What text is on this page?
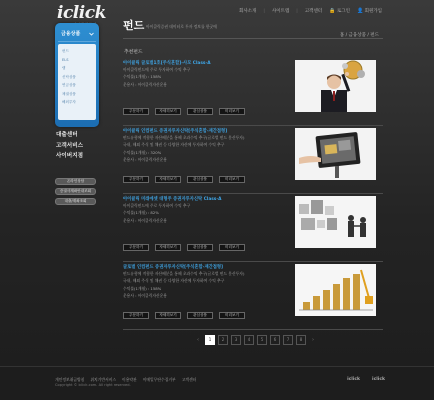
iclick	회사소개 | 사이트맵 | 고객센터 🔒 로그인 👤 회원가입
금융상품
펀드
ELS
랩
신탁상품
연금상품
채권상품
해외투자
대출센터
고객서비스
사이버지점
온라인상담
증권사계좌안내조회
대출/계좌조회
펀드 아이클릭증권 데이터로 투자 정보를 한곳에
홈 / 금융상품 / 펀드
추천펀드
아이클릭 글로벌1호[주식혼합]-사모 Class-A
아이클릭펀드에 주로 투자하여 수익 추구
수익률(1개월) : 158%
운용사 : 아이클릭자산운용
주문하기	자세히보기	관심상품	미리보기
아이클릭 인컴펀드 증권자투자신탁[주식혼합-재간접형]
펀드유형에 적합한 자산배분을 통해 초과수익 추구(글로벌 펀드 분산투자)
국내, 해외 주식 및 채권 등 다양한 자산에 투자하여 수익 추구
수익률(1개월) : 320%
운용사 : 아이클릭자산운용
주문하기	자세히보기	관심상품	미리보기
아이클릭 미래에셋 대형주 증권자투자신탁 Class-A
아이클릭펀드에 주로 투자하여 수익 추구
수익률(1개월) : 82%
운용사 : 아이클릭자산운용
주문하기	자세히보기	관심상품	미리보기
글로벌 인컴펀드 증권자투자신탁[주식혼합-재간접형]
펀드유형에 적합한 자산배분을 통해 초과수익 추구(글로벌 펀드 분산투자)
국내, 해외 주식 및 채권 등 다양한 자산에 투자하여 수익 추구
수익률(1개월) : 158%
운용사 : 아이클릭자산운용
주문하기	자세히보기	관심상품	미리보기
‹	1	2	3	4	5	6	7	8	›
개인정보취급방침 위치기반서비스 이용약관 이메일무단수집거부 고객센터
Copyright © iclick.com. All right reserved.
iclick	iclick
